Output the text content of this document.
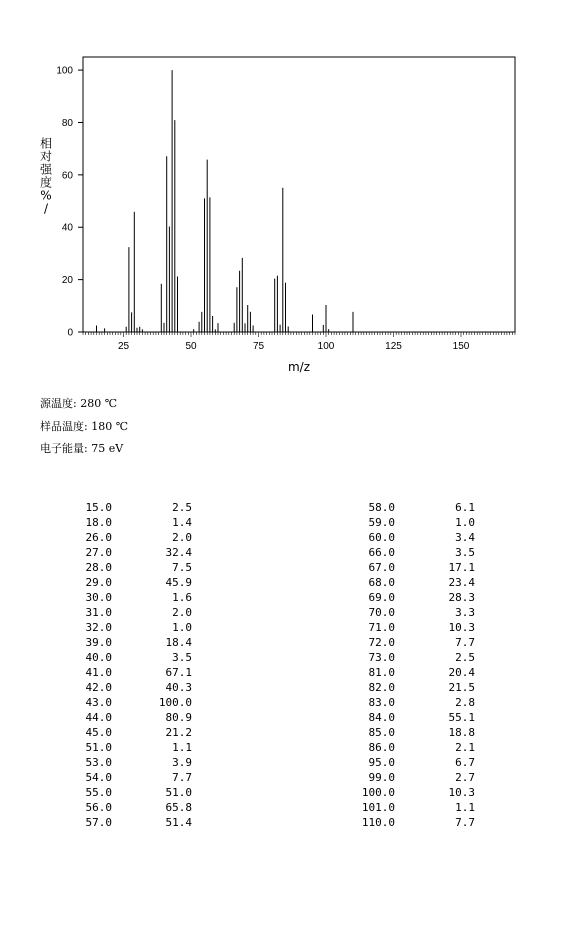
0
20
40
60
80
100
25	50	75	100	125	150
m/z
相对强度% /
源温度: 280 ℃
样品温度: 180 ℃
电子能量: 75 eV
15.0	2.5
18.0	1.4
26.0	2.0
27.0	32.4
28.0	7.5
29.0	45.9
30.0	1.6
31.0	2.0
32.0	1.0
39.0	18.4
40.0	3.5
41.0	67.1
42.0	40.3
43.0	100.0
44.0	80.9
45.0	21.2
51.0	1.1
53.0	3.9
54.0	7.7
55.0	51.0
56.0	65.8
57.0	51.4
58.0	6.1
59.0	1.0
60.0	3.4
66.0	3.5
67.0	17.1
68.0	23.4
69.0	28.3
70.0	3.3
71.0	10.3
72.0	7.7
73.0	2.5
81.0	20.4
82.0	21.5
83.0	2.8
84.0	55.1
85.0	18.8
86.0	2.1
95.0	6.7
99.0	2.7
100.0	10.3
101.0	1.1
110.0	7.7
